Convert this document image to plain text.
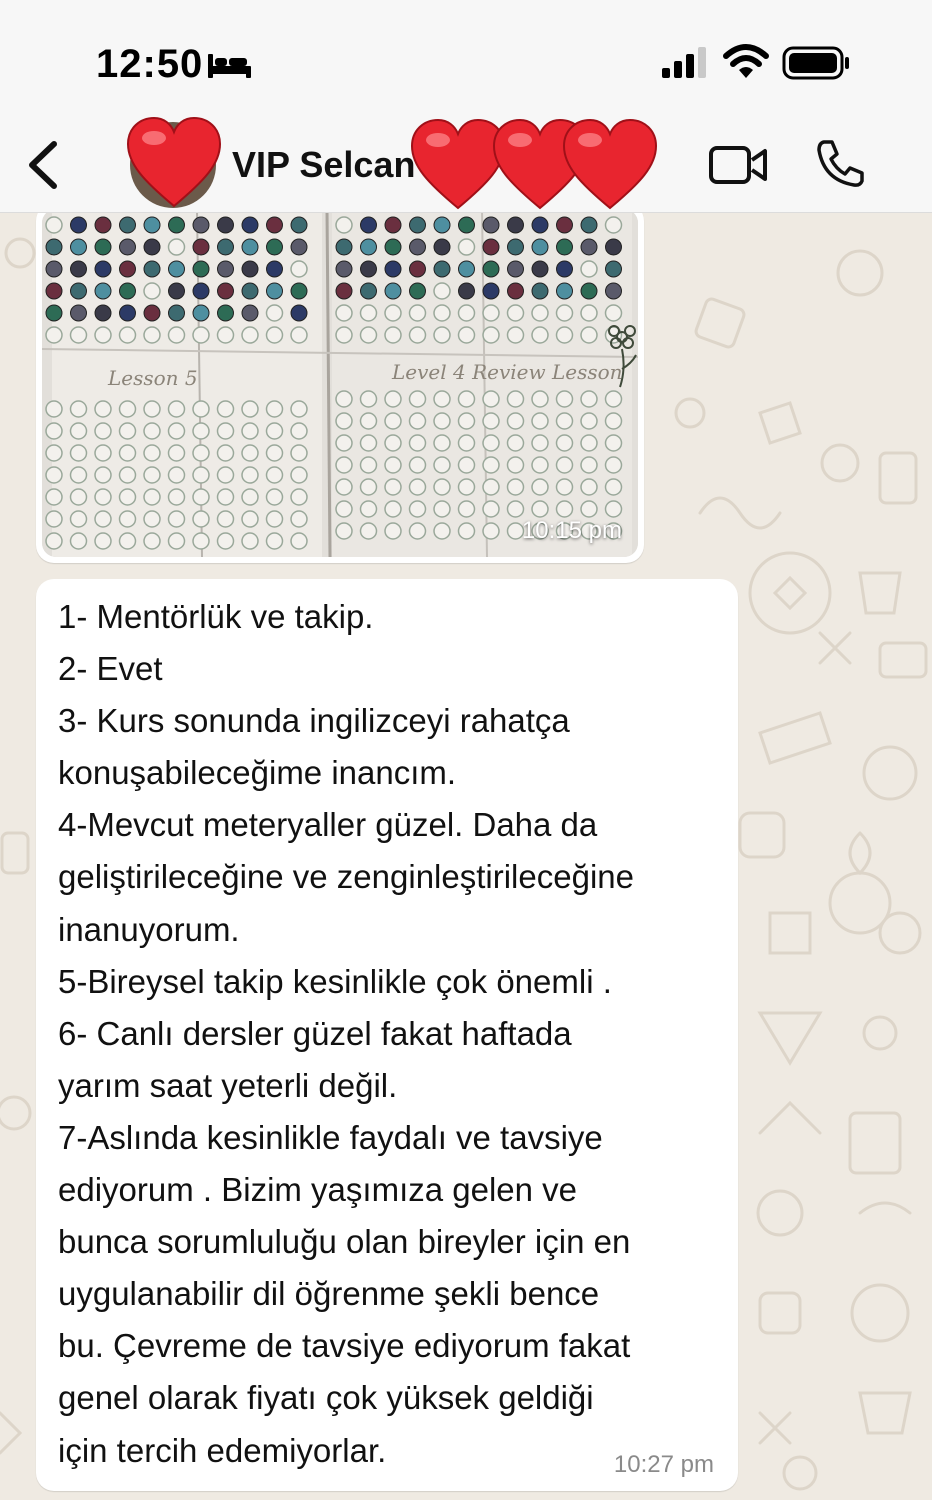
12:50
VIP Selcan
Lesson 5	Level 4 Review Lesson
10:15 pm
1- Mentörlük ve takip.
2- Evet
3- Kurs sonunda ingilizceyi rahatça
konuşabileceğime inancım.
4-Mevcut meteryaller güzel. Daha da
geliştirileceğine ve zenginleştirileceğine
inanuyorum.
5-Bireysel takip kesinlikle çok önemli .
6- Canlı dersler güzel fakat haftada
yarım saat yeterli değil.
7-Aslında kesinlikle faydalı ve tavsiye
ediyorum . Bizim yaşımıza gelen ve
bunca sorumluluğu olan bireyler için en
uygulanabilir dil öğrenme şekli bence
bu. Çevreme de tavsiye ediyorum fakat
genel olarak fiyatı çok yüksek geldiği
için tercih edemiyorlar.	10:27 pm
